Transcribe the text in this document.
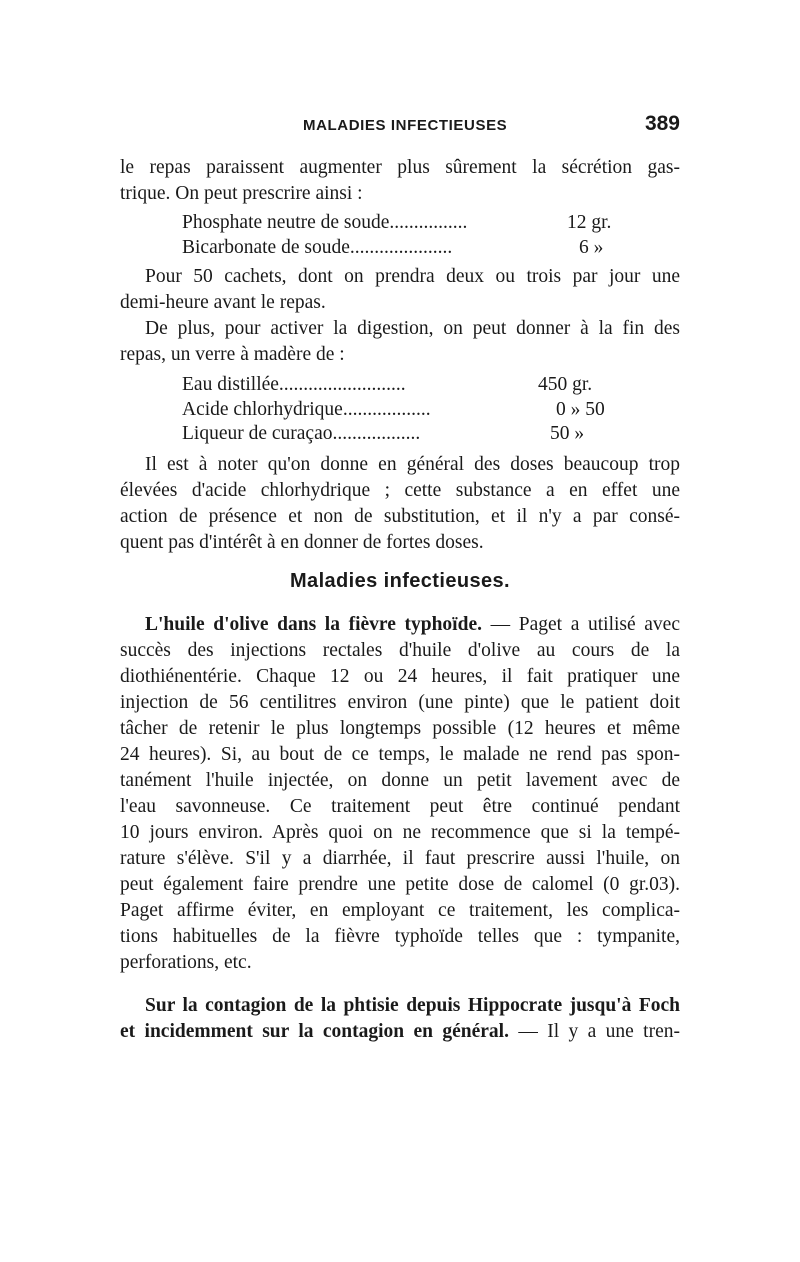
MALADIES INFECTIEUSES	389
le repas paraissent augmenter plus sûrement la sécrétion gas-
trique. On peut prescrire ainsi :
Phosphate neutre de soude................	12 gr.
Bicarbonate de soude.....................	6 »
Pour 50 cachets, dont on prendra deux ou trois par jour une
demi-heure avant le repas.
De plus, pour activer la digestion, on peut donner à la fin des
repas, un verre à madère de :
Eau distillée..........................	450 gr.
Acide chlorhydrique..................	0 » 50
Liqueur de curaçao..................	50 »
Il est à noter qu'on donne en général des doses beaucoup trop
élevées d'acide chlorhydrique ; cette substance a en effet une
action de présence et non de substitution, et il n'y a par consé-
quent pas d'intérêt à en donner de fortes doses.
Maladies infectieuses.
L'huile d'olive dans la fièvre typhoïde. — Paget a utilisé avec
succès des injections rectales d'huile d'olive au cours de la
diothiénentérie. Chaque 12 ou 24 heures, il fait pratiquer une
injection de 56 centilitres environ (une pinte) que le patient doit
tâcher de retenir le plus longtemps possible (12 heures et même
24 heures). Si, au bout de ce temps, le malade ne rend pas spon-
tanément l'huile injectée, on donne un petit lavement avec de
l'eau savonneuse. Ce traitement peut être continué pendant
10 jours environ. Après quoi on ne recommence que si la tempé-
rature s'élève. S'il y a diarrhée, il faut prescrire aussi l'huile, on
peut également faire prendre une petite dose de calomel (0 gr.03).
Paget affirme éviter, en employant ce traitement, les complica-
tions habituelles de la fièvre typhoïde telles que : tympanite,
perforations, etc.
Sur la contagion de la phtisie depuis Hippocrate jusqu'à Foch
et incidemment sur la contagion en général. — Il y a une tren-
